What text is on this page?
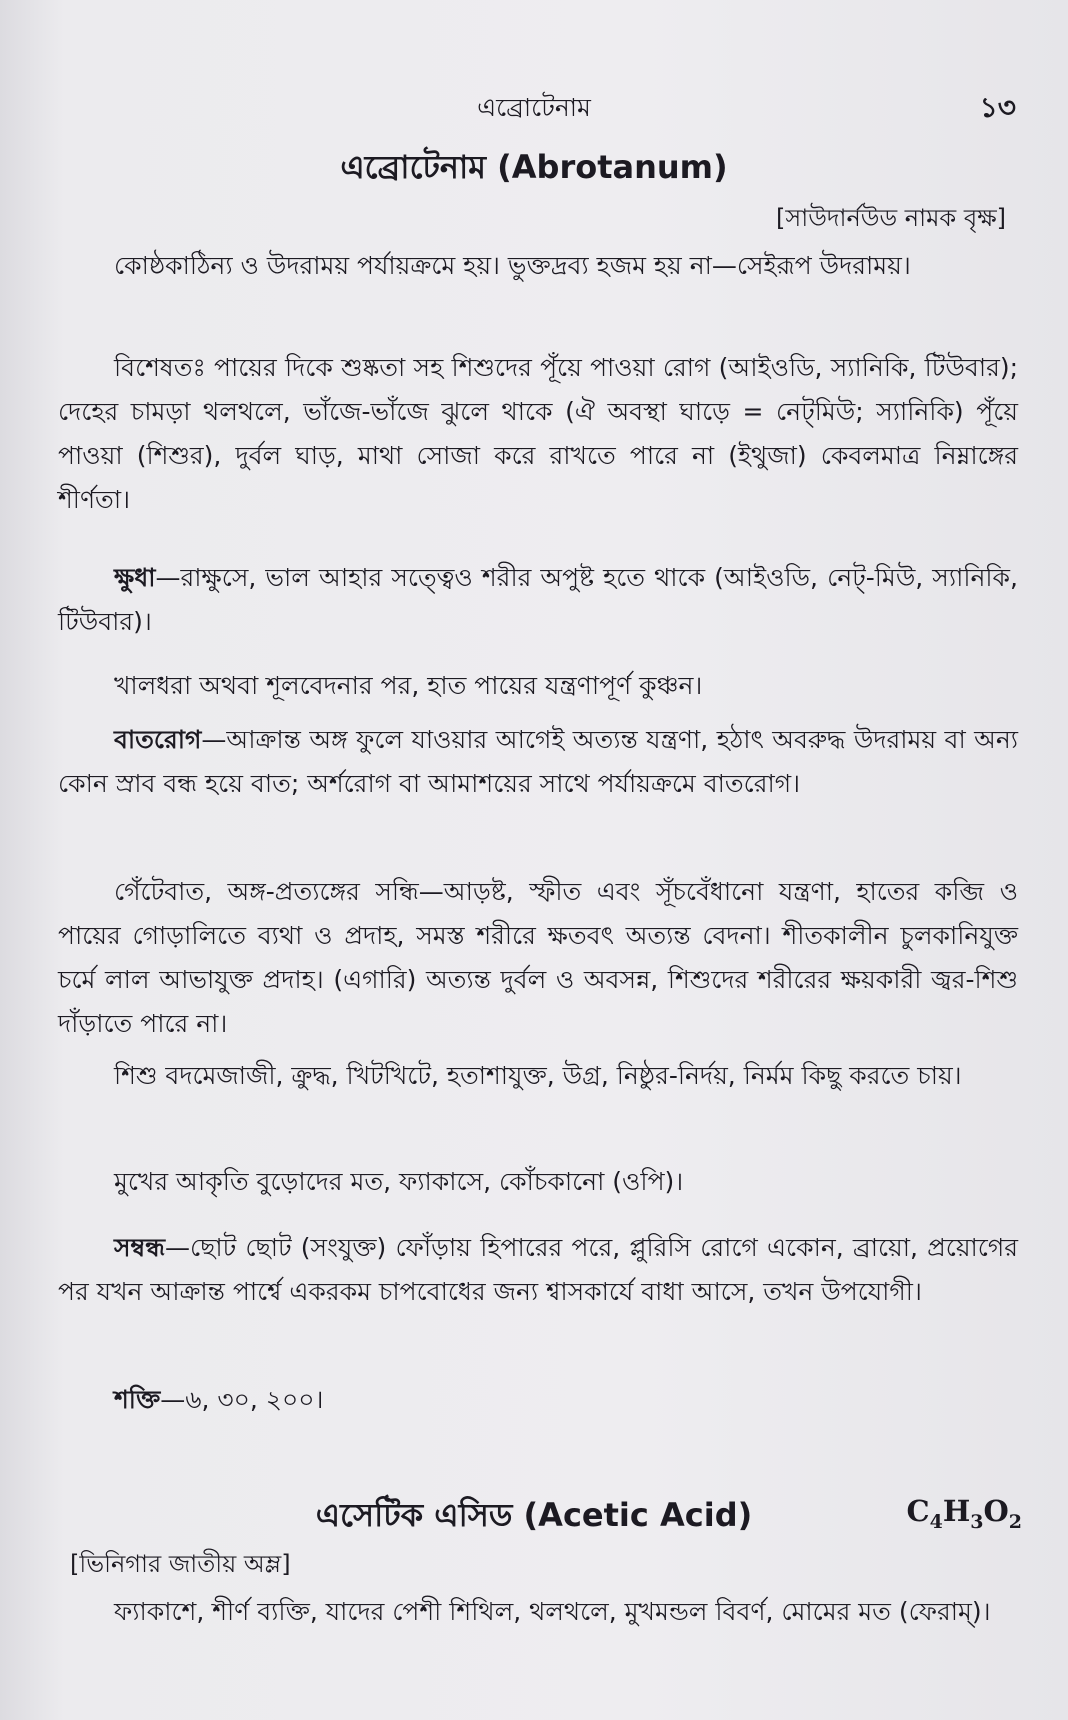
এব্রোটেনাম	১৩
এব্রোটেনাম (Abrotanum)
[সাউদার্নউড নামক বৃক্ষ]
কোষ্ঠকাঠিন্য ও উদরাময় পর্যায়ক্রমে হয়। ভুক্তদ্রব্য হজম হয় না—সেইরূপ উদরাময়।
বিশেষতঃ পায়ের দিকে শুষ্কতা সহ শিশুদের পূঁয়ে পাওয়া রোগ (আইওডি, স্যানিকি, টিউবার); দেহের চামড়া থলথলে, ভাঁজে-ভাঁজে ঝুলে থাকে (ঐ অবস্থা ঘাড়ে = নেট্‌মিউ; স্যানিকি) পূঁয়ে পাওয়া (শিশুর), দুর্বল ঘাড়, মাথা সোজা করে রাখতে পারে না (ইথুজা) কেবলমাত্র নিম্নাঙ্গের শীর্ণতা।
ক্ষুধা—রাক্ষুসে, ভাল আহার সত্ত্বেও শরীর অপুষ্ট হতে থাকে (আইওডি, নেট্‌-মিউ, স্যানিকি, টিউবার)।
খালধরা অথবা শূলবেদনার পর, হাত পায়ের যন্ত্রণাপূর্ণ কুঞ্চন।
বাতরোগ—আক্রান্ত অঙ্গ ফুলে যাওয়ার আগেই অত্যন্ত যন্ত্রণা, হঠাৎ অবরুদ্ধ উদরাময় বা অন্য কোন স্রাব বন্ধ হয়ে বাত; অর্শরোগ বা আমাশয়ের সাথে পর্যায়ক্রমে বাতরোগ।
গেঁটেবাত, অঙ্গ-প্রত্যঙ্গের সন্ধি—আড়ষ্ট, স্ফীত এবং সূঁচবেঁধানো যন্ত্রণা, হাতের কব্জি ও পায়ের গোড়ালিতে ব্যথা ও প্রদাহ, সমস্ত শরীরে ক্ষতবৎ অত্যন্ত বেদনা। শীতকালীন চুলকানিযুক্ত চর্মে লাল আভাযুক্ত প্রদাহ। (এগারি) অত্যন্ত দুর্বল ও অবসন্ন, শিশুদের শরীরের ক্ষয়কারী জ্বর-শিশু দাঁড়াতে পারে না।
শিশু বদমেজাজী, ক্রুদ্ধ, খিটখিটে, হতাশাযুক্ত, উগ্র, নিষ্ঠুর-নির্দয়, নির্মম কিছু করতে চায়।
মুখের আকৃতি বুড়োদের মত, ফ্যাকাসে, কোঁচকানো (ওপি)।
সম্বন্ধ—ছোট ছোট (সংযুক্ত) ফোঁড়ায় হিপারের পরে, প্লুরিসি রোগে একোন, ব্রায়ো, প্রয়োগের পর যখন আক্রান্ত পার্শ্বে একরকম চাপবোধের জন্য শ্বাসকার্যে বাধা আসে, তখন উপযোগী।
শক্তি—৬, ৩০, ২০০।
এসেটিক এসিড (Acetic Acid)	$C_4H_3O_2$
[ভিনিগার জাতীয় অম্ল]
ফ্যাকাশে, শীর্ণ ব্যক্তি, যাদের পেশী শিথিল, থলথলে, মুখমন্ডল বিবর্ণ, মোমের মত (ফেরাম্)।
